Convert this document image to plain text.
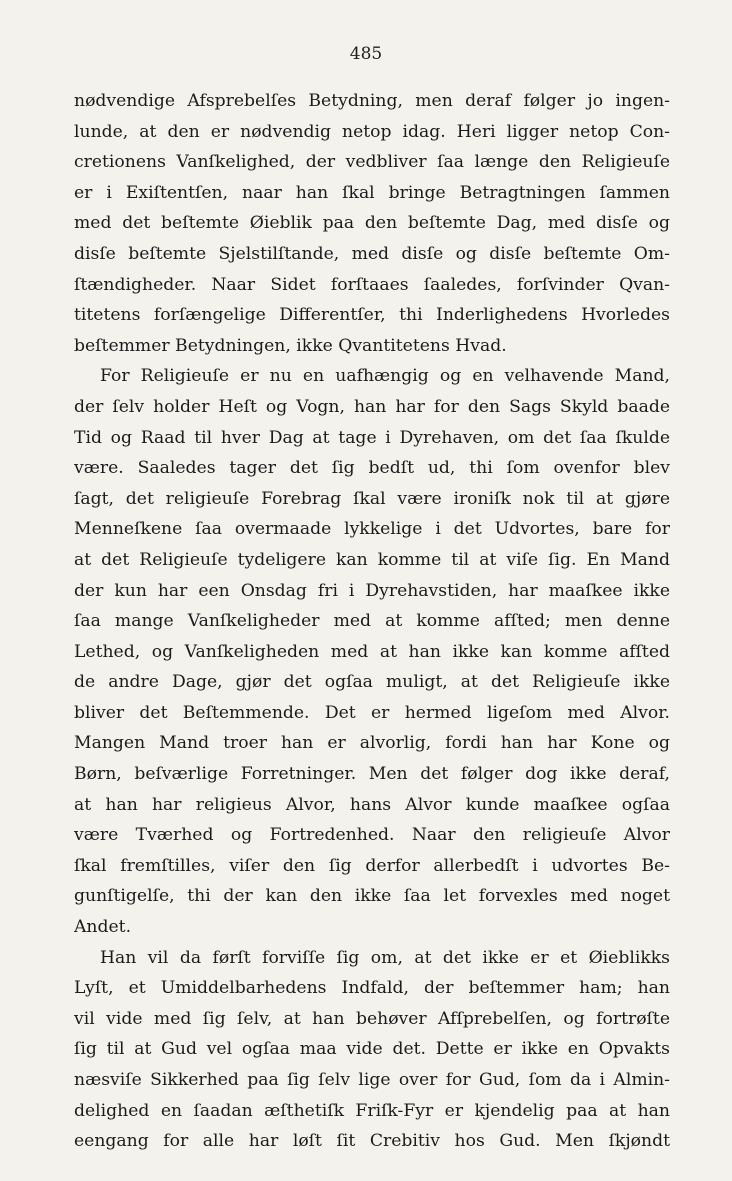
485
nødvendige Afsprebelſes Betydning, men deraf følger jo ingen-
lunde, at den er nødvendig netop idag. Heri ligger netop Con-
cretionens Vanſkelighed, der vedbliver ſaa længe den Religieuſe
er i Exiſtentſen, naar han ſkal bringe Betragtningen ſammen
med det beſtemte Øieblik paa den beſtemte Dag, med disſe og
disſe beſtemte Sjelstilſtande, med disſe og disſe beſtemte Om-
ſtændigheder. Naar Sidet forſtaaes ſaaledes, forſvinder Qvan-
titetens forſængelige Differentſer, thi Inderlighedens Hvorledes
beſtemmer Betydningen, ikke Qvantitetens Hvad.
For Religieuſe er nu en uafhængig og en velhavende Mand,
der ſelv holder Heſt og Vogn, han har for den Sags Skyld baade
Tid og Raad til hver Dag at tage i Dyrehaven, om det ſaa ſkulde
være. Saaledes tager det ſig bedſt ud, thi ſom ovenfor blev
ſagt, det religieuſe Forebrag ſkal være ironiſk nok til at gjøre
Menneſkene ſaa overmaade lykkelige i det Udvortes, bare for
at det Religieuſe tydeligere kan komme til at viſe ſig. En Mand
der kun har een Onsdag fri i Dyrehavstiden, har maaſkee ikke
ſaa mange Vanſkeligheder med at komme afſted; men denne
Lethed, og Vanſkeligheden med at han ikke kan komme afſted
de andre Dage, gjør det ogſaa muligt, at det Religieuſe ikke
bliver det Beſtemmende. Det er hermed ligeſom med Alvor.
Mangen Mand troer han er alvorlig, fordi han har Kone og
Børn, beſværlige Forretninger. Men det følger dog ikke deraf,
at han har religieus Alvor, hans Alvor kunde maaſkee ogſaa
være Tværhed og Fortredenhed. Naar den religieuſe Alvor
ſkal fremſtilles, viſer den ſig derfor allerbedſt i udvortes Be-
gunſtigelſe, thi der kan den ikke ſaa let forvexles med noget
Andet.
Han vil da førſt forviſſe ſig om, at det ikke er et Øieblikks
Lyſt, et Umiddelbarhedens Indfald, der beſtemmer ham; han
vil vide med ſig ſelv, at han behøver Afſprebelſen, og fortrøſte
ſig til at Gud vel ogſaa maa vide det. Dette er ikke en Opvakts
næsviſe Sikkerhed paa ſig ſelv lige over for Gud, ſom da i Almin-
delighed en ſaadan æſthetiſk Friſk-Fyr er kjendelig paa at han
eengang for alle har løſt ſit Crebitiv hos Gud. Men ſkjøndt
